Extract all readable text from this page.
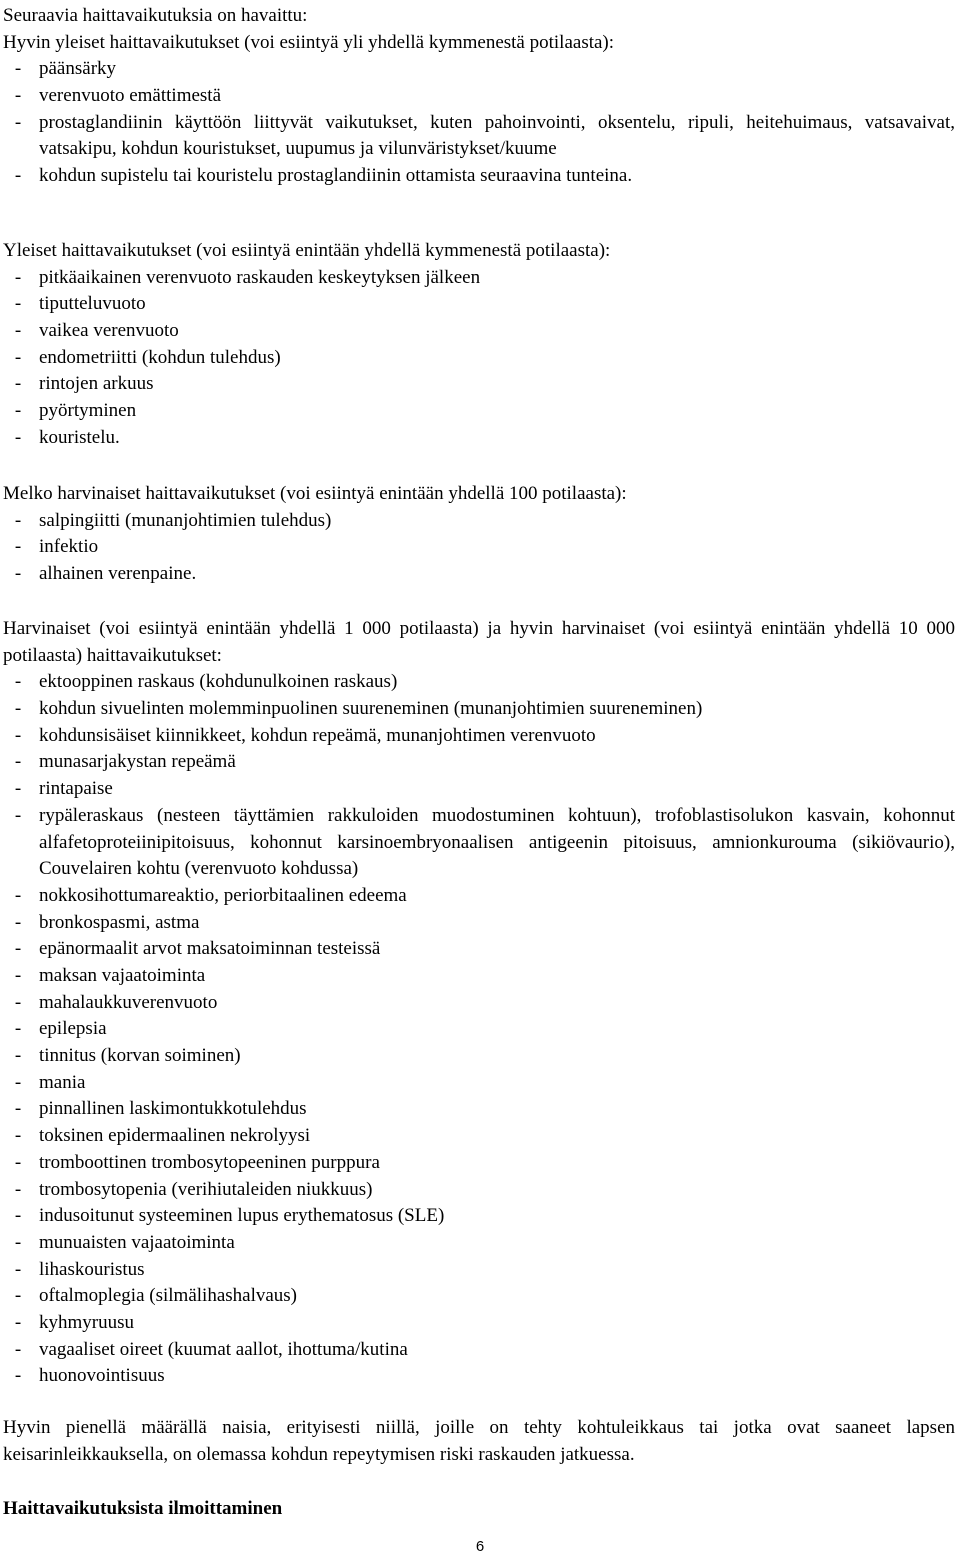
Seuraavia haittavaikutuksia on havaittu:
Hyvin yleiset haittavaikutukset (voi esiintyä yli yhdellä kymmenestä potilaasta):
- päänsärky
- verenvuoto emättimestä
- prostaglandiinin käyttöön liittyvät vaikutukset, kuten pahoinvointi, oksentelu, ripuli, heitehuimaus, vatsavaivat, vatsakipu, kohdun kouristukset, uupumus ja vilunväristykset/kuume
- kohdun supistelu tai kouristelu prostaglandiinin ottamista seuraavina tunteina.
Yleiset haittavaikutukset (voi esiintyä enintään yhdellä kymmenestä potilaasta):
- pitkäaikainen verenvuoto raskauden keskeytyksen jälkeen
- tiputteluvuoto
- vaikea verenvuoto
- endometriitti (kohdun tulehdus)
- rintojen arkuus
- pyörtyminen
- kouristelu.
Melko harvinaiset haittavaikutukset (voi esiintyä enintään yhdellä 100 potilaasta):
- salpingiitti (munanjohtimien tulehdus)
- infektio
- alhainen verenpaine.
Harvinaiset (voi esiintyä enintään yhdellä 1 000 potilaasta) ja hyvin harvinaiset (voi esiintyä enintään yhdellä 10 000 potilaasta) haittavaikutukset:
- ektooppinen raskaus (kohdunulkoinen raskaus)
- kohdun sivuelinten molemminpuolinen suureneminen (munanjohtimien suureneminen)
- kohdunsisäiset kiinnikkeet, kohdun repeämä, munanjohtimen verenvuoto
- munasarjakystan repeämä
- rintapaise
- rypäleraskaus (nesteen täyttämien rakkuloiden muodostuminen kohtuun), trofoblastisolukon kasvain, kohonnut alfafetoproteiinipitoisuus, kohonnut karsinoembryonaalisen antigeenin pitoisuus, amnionkurouma (sikiövaurio), Couvelairen kohtu (verenvuoto kohdussa)
- nokkosihottumareaktio, periorbitaalinen edeema
- bronkospasmi, astma
- epänormaalit arvot maksatoiminnan testeissä
- maksan vajaatoiminta
- mahalaukkuverenvuoto
- epilepsia
- tinnitus (korvan soiminen)
- mania
- pinnallinen laskimontukkotulehdus
- toksinen epidermaalinen nekrolyysi
- tromboottinen trombosytopeeninen purppura
- trombosytopenia (verihiutaleiden niukkuus)
- indusoitunut systeeminen lupus erythematosus (SLE)
- munuaisten vajaatoiminta
- lihaskouristus
- oftalmoplegia (silmälihashalvaus)
- kyhmyruusu
- vagaaliset oireet (kuumat aallot, ihottuma/kutina
- huonovointisuus
Hyvin pienellä määrällä naisia, erityisesti niillä, joille on tehty kohtuleikkaus tai jotka ovat saaneet lapsen keisarinleikkauksella, on olemassa kohdun repeytymisen riski raskauden jatkuessa.
Haittavaikutuksista ilmoittaminen
6
